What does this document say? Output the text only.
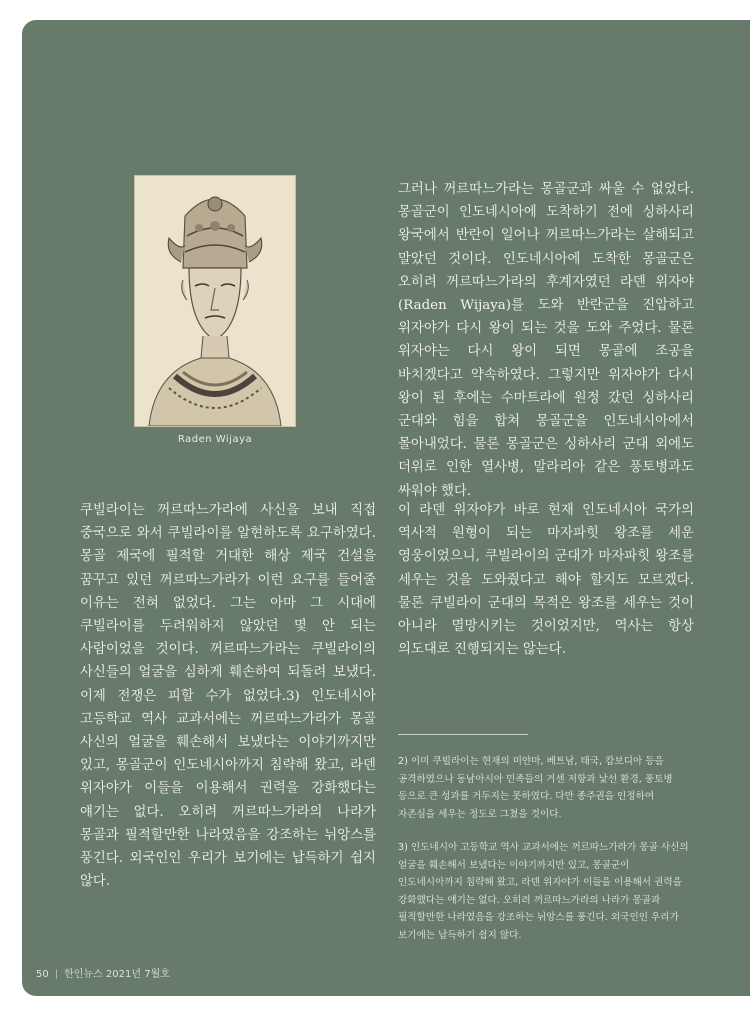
Raden Wijaya

그러나 꺼르따느가라는 몽골군과 싸울 수 없었다. 몽골군이 인도네시아에 도착하기 전에 싱하사리 왕국에서 반란이 일어나 꺼르따느가라는 살해되고 말았던 것이다. 인도네시아에 도착한 몽골군은 오히려 꺼르따느가라의 후계자였던 라덴 위자야(Raden Wijaya)를 도와 반란군을 진압하고 위자야가 다시 왕이 되는 것을 도와 주었다. 물론 위자야는 다시 왕이 되면 몽골에 조공을 바치겠다고 약속하였다. 그렇지만 위자야가 다시 왕이 된 후에는 수마트라에 원정 갔던 싱하사리 군대와 힘을 합쳐 몽골군을 인도네시아에서 몰아내었다. 물론 몽골군은 싱하사리 군대 외에도 더위로 인한 열사병, 말라리아 같은 풍토병과도 싸워야 했다.

쿠빌라이는 꺼르따느가라에 사신을 보내 직접 중국으로 와서 쿠빌라이를 알현하도록 요구하였다. 몽골 제국에 필적할 거대한 해상 제국 건설을 꿈꾸고 있던 꺼르따느가라가 이런 요구를 들어줄 이유는 전혀 없었다. 그는 아마 그 시대에 쿠빌라이를 두려워하지 않았던 몇 안 되는 사람이었을 것이다. 꺼르따느가라는 쿠빌라이의 사신들의 얼굴을 심하게 훼손하여 되돌려 보냈다. 이제 전쟁은 피할 수가 없었다.3) 인도네시아 고등학교 역사 교과서에는 꺼르따느가라가 몽골 사신의 얼굴을 훼손해서 보냈다는 이야기까지만 있고, 몽골군이 인도네시아까지 침략해 왔고, 라덴 위자야가 이들을 이용해서 권력을 강화했다는 얘기는 없다. 오히려 꺼르따느가라의 나라가 몽골과 필적할만한 나라였음을 강조하는 뉘앙스를 풍긴다. 외국인인 우리가 보기에는 납득하기 쉽지 않다.

이 라덴 위자야가 바로 현재 인도네시아 국가의 역사적 원형이 되는 마자파힛 왕조를 세운 영웅이었으니, 쿠빌라이의 군대가 마자파힛 왕조를 세우는 것을 도와줬다고 해야 할지도 모르겠다. 물론 쿠빌라이 군대의 목적은 왕조를 세우는 것이 아니라 멸망시키는 것이었지만, 역사는 항상 의도대로 진행되지는 않는다.

2) 이미 쿠빌라이는 현재의 미얀마, 베트남, 태국, 캄보디아 등을 공격하였으나 동남아시아 민족들의 거센 저항과 낯선 환경, 풍토병 등으로 큰 성과를 거두지는 못하였다. 다만 종주권을 인정하여 자존심을 세우는 정도로 그쳤을 것이다.

3) 인도네시아 고등학교 역사 교과서에는 꺼르따느가라가 몽골 사신의 얼굴을 훼손해서 보냈다는 이야기까지만 있고, 몽골군이 인도네시아까지 침략해 왔고, 라덴 위자야가 이들을 이용해서 권력을 강화했다는 얘기는 없다. 오히려 꺼르따느가라의 나라가 몽골과 필적할만한 나라였음을 강조하는 뉘앙스를 풍긴다. 외국인인 우리가 보기에는 납득하기 쉽지 않다.

50 | 한인뉴스 2021년 7월호
